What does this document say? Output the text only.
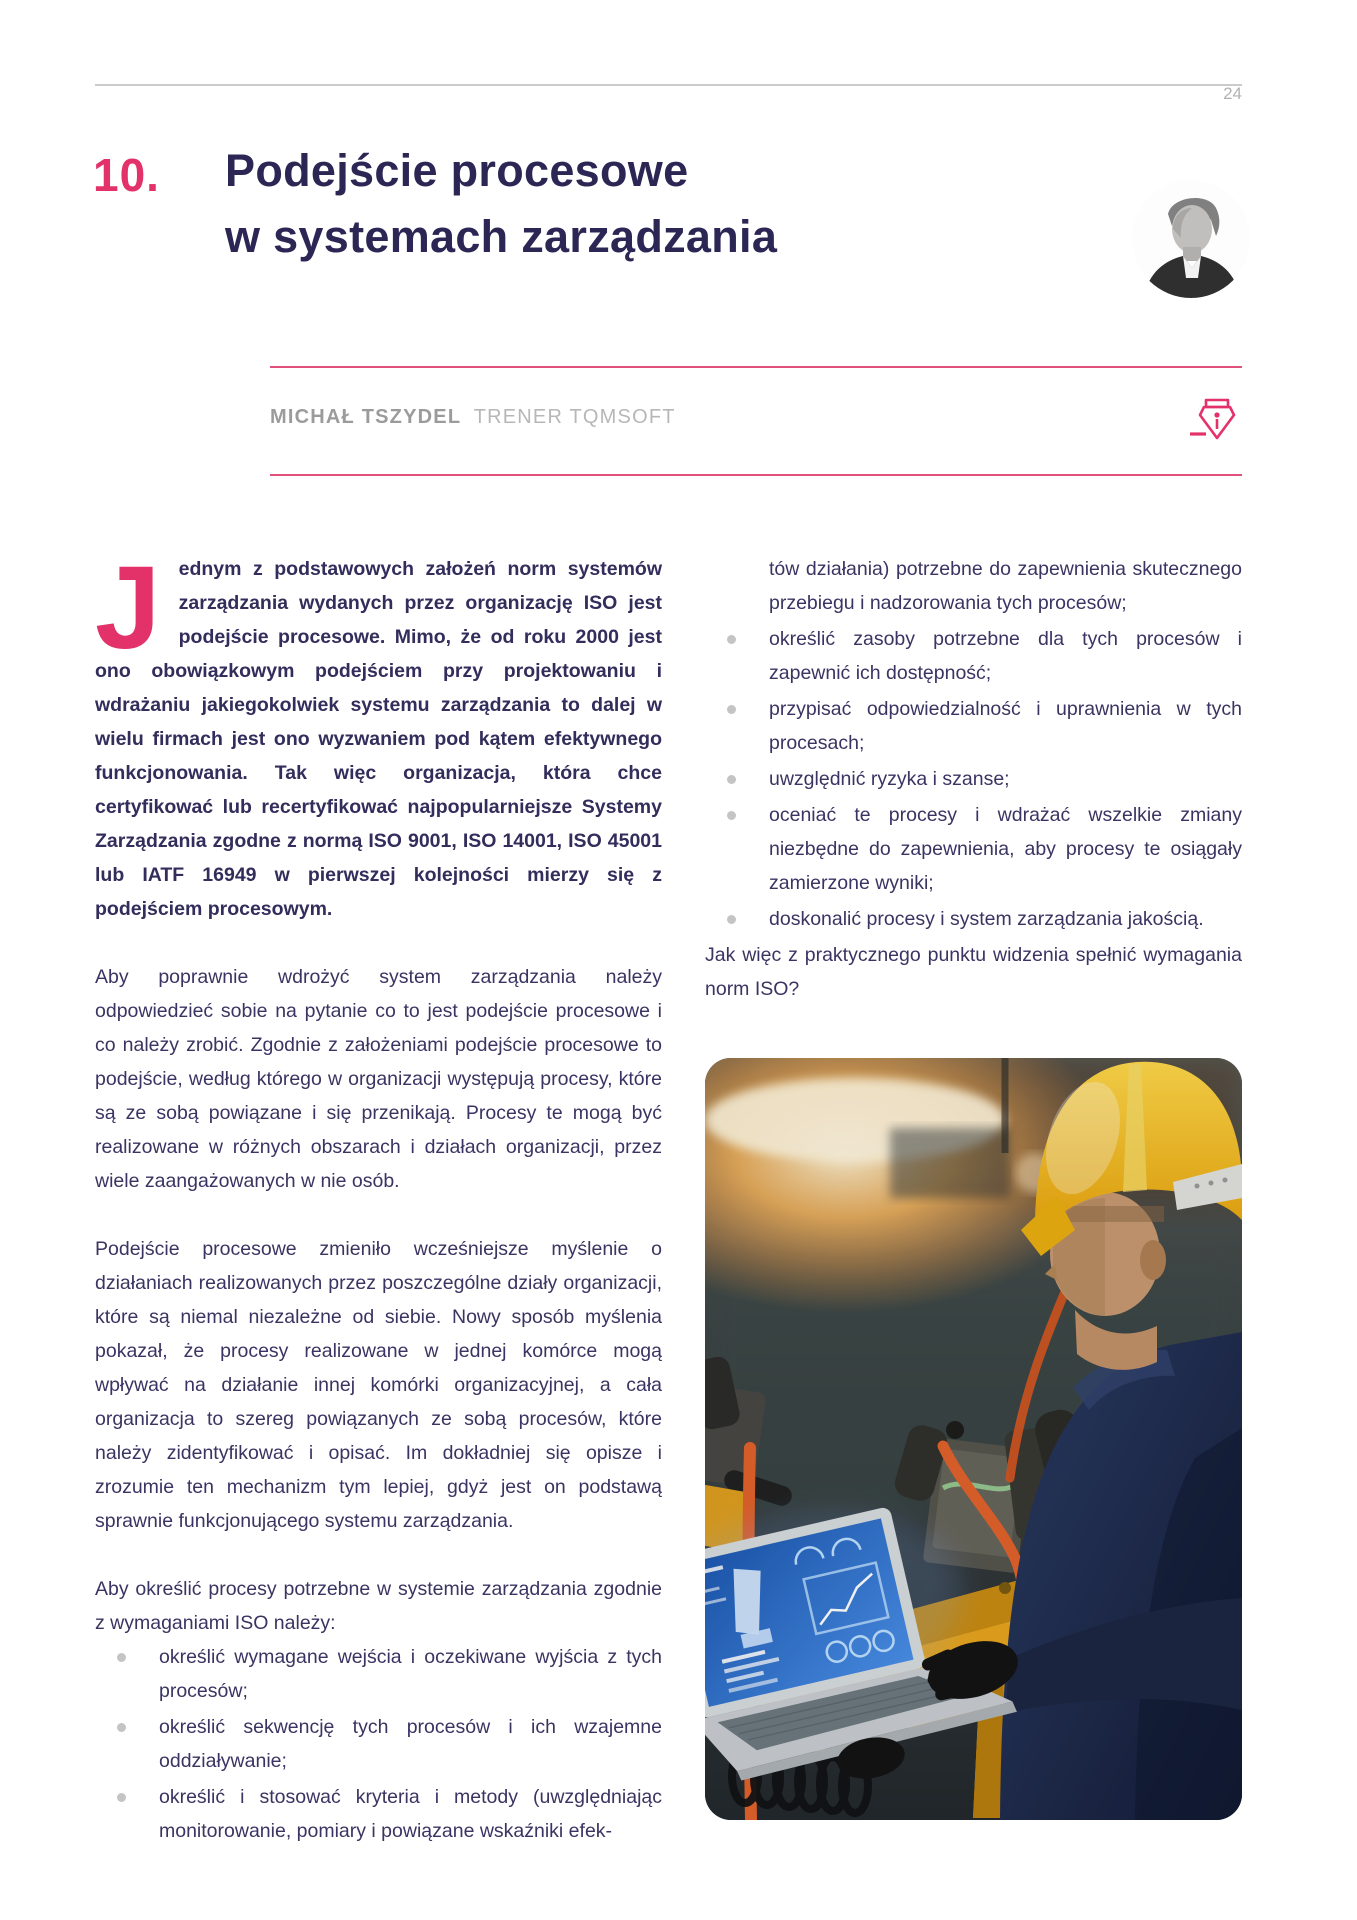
24
10. Podejście procesowe
w systemach zarządzania
MICHAŁ TSZYDEL TRENER TQMSOFT

Jednym z podstawowych założeń norm systemów zarządzania wydanych przez organizację ISO jest podejście procesowe. Mimo, że od roku 2000 jest ono obowiązkowym podejściem przy projektowaniu i wdrażaniu jakiegokolwiek systemu zarządzania to dalej w wielu firmach jest ono wyzwaniem pod kątem efektywnego funkcjonowania. Tak więc organizacja, która chce certyfikować lub recertyfikować najpopularniejsze Systemy Zarządzania zgodne z normą ISO 9001, ISO 14001, ISO 45001 lub IATF 16949 w pierwszej kolejności mierzy się z podejściem procesowym.

Aby poprawnie wdrożyć system zarządzania należy odpowiedzieć sobie na pytanie co to jest podejście procesowe i co należy zrobić. Zgodnie z założeniami podejście procesowe to podejście, według którego w organizacji występują procesy, które są ze sobą powiązane i się przenikają. Procesy te mogą być realizowane w różnych obszarach i działach organizacji, przez wiele zaangażowanych w nie osób.

Podejście procesowe zmieniło wcześniejsze myślenie o działaniach realizowanych przez poszczególne działy organizacji, które są niemal niezależne od siebie. Nowy sposób myślenia pokazał, że procesy realizowane w jednej komórce mogą wpływać na działanie innej komórki organizacyjnej, a cała organizacja to szereg powiązanych ze sobą procesów, które należy zidentyfikować i opisać. Im dokładniej się opisze i zrozumie ten mechanizm tym lepiej, gdyż jest on podstawą sprawnie funkcjonującego systemu zarządzania.

Aby określić procesy potrzebne w systemie zarządzania zgodnie z wymaganiami ISO należy:

określić wymagane wejścia i oczekiwane wyjścia z tych procesów;
określić sekwencję tych procesów i ich wzajemne oddziaływanie;
określić i stosować kryteria i metody (uwzględniając monitorowanie, pomiary i powiązane wskaźniki efek-
tów działania) potrzebne do zapewnienia skutecznego przebiegu i nadzorowania tych procesów;
określić zasoby potrzebne dla tych procesów i zapewnić ich dostępność;
przypisać odpowiedzialność i uprawnienia w tych procesach;
uwzględnić ryzyka i szanse;
oceniać te procesy i wdrażać wszelkie zmiany niezbędne do zapewnienia, aby procesy te osiągały zamierzone wyniki;
doskonalić procesy i system zarządzania jakością.

Jak więc z praktycznego punktu widzenia spełnić wymagania norm ISO?
